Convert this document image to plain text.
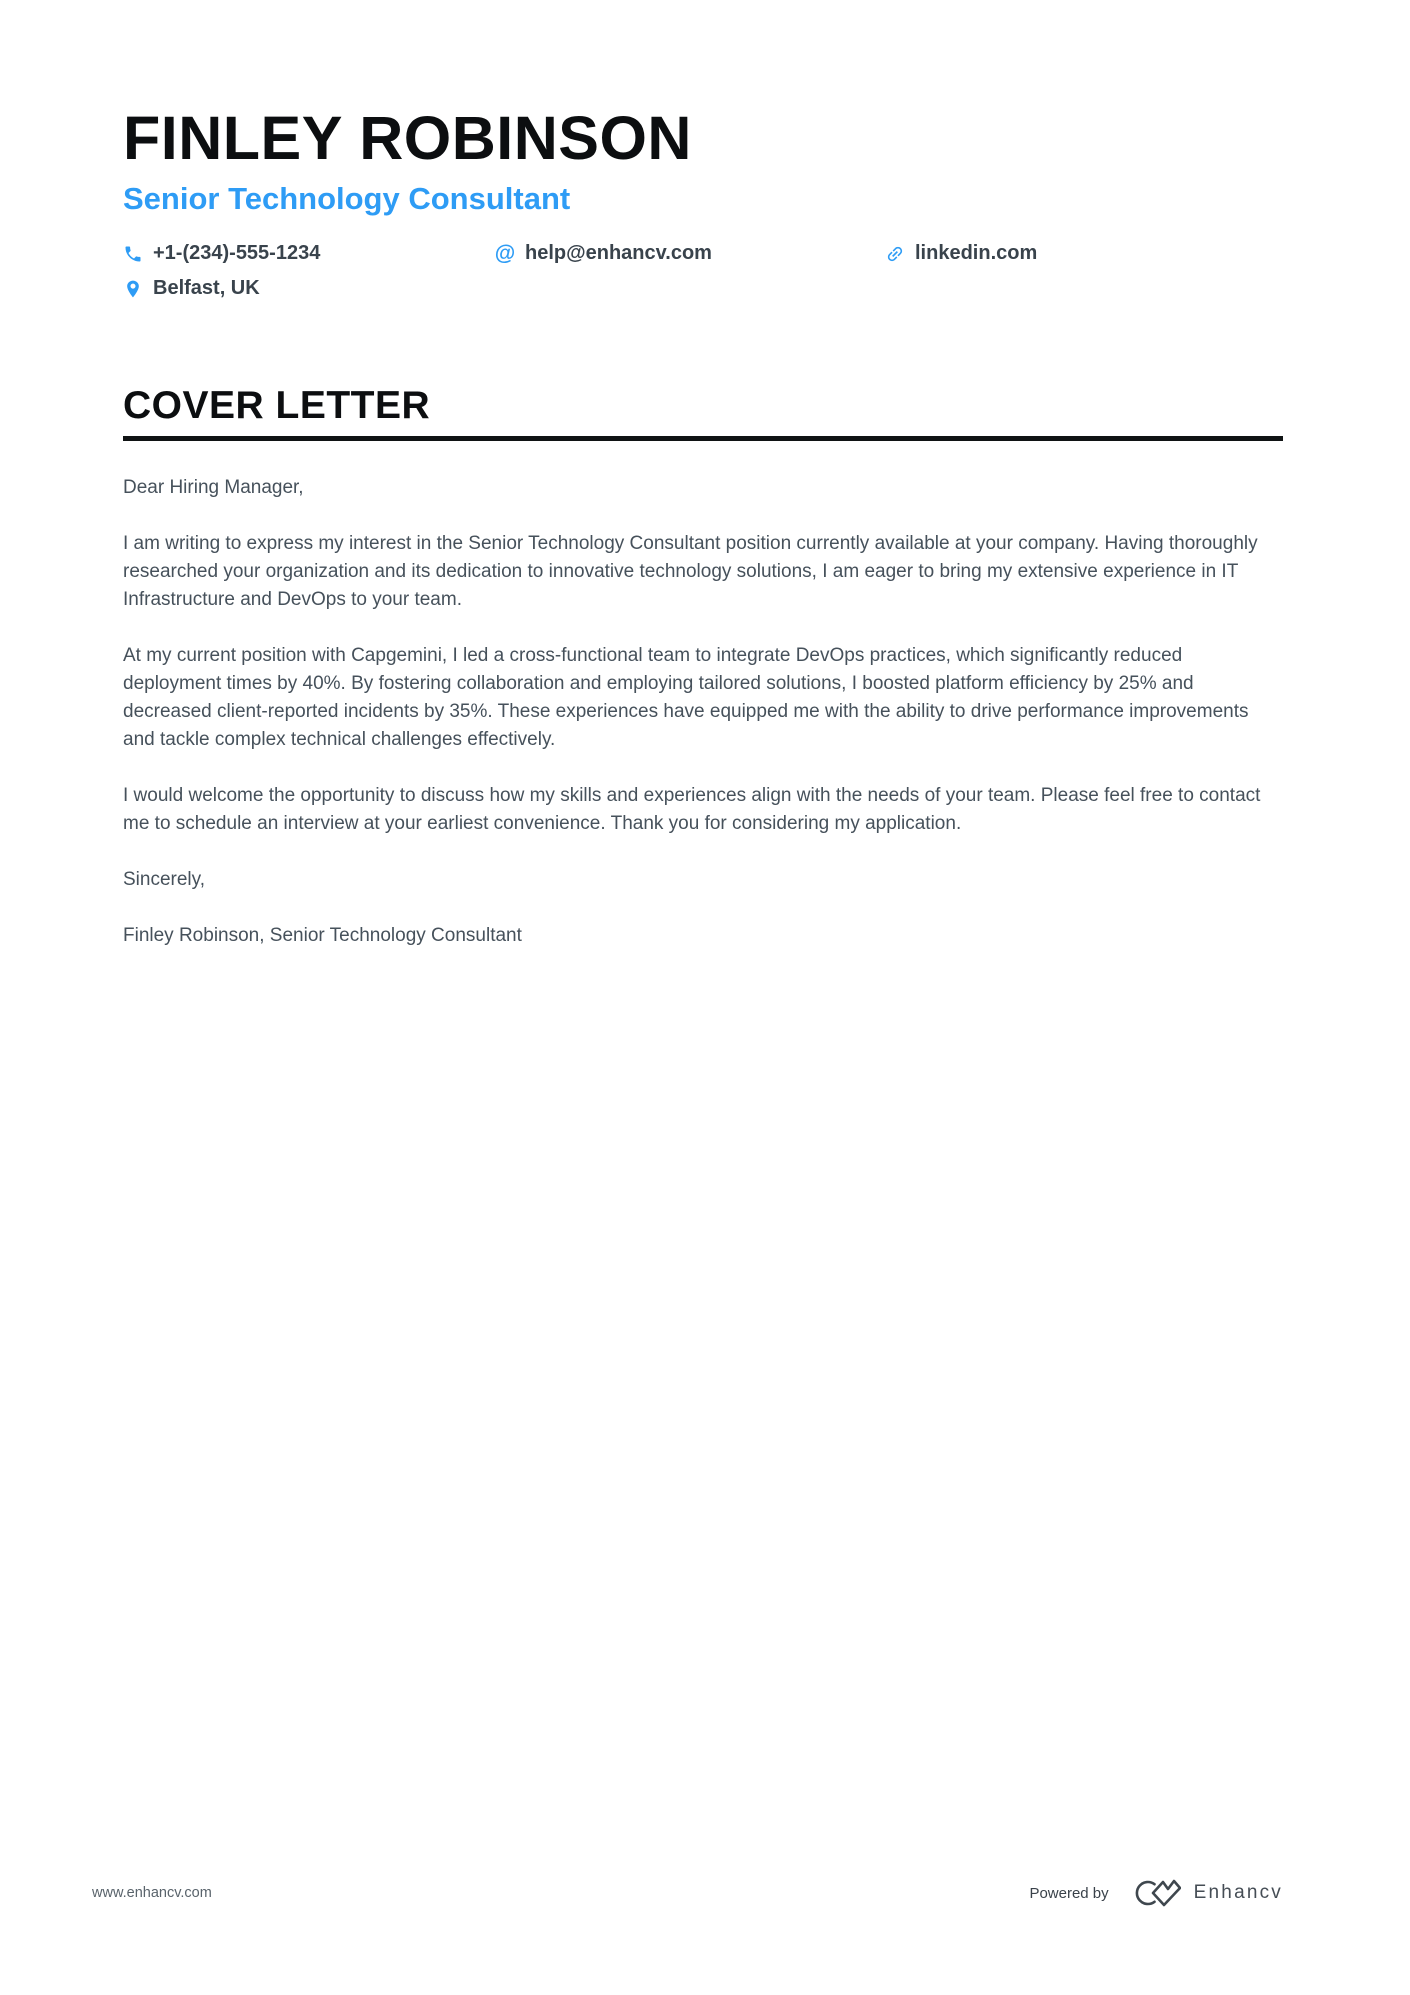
FINLEY ROBINSON
Senior Technology Consultant
+1-(234)-555-1234	@ help@enhancv.com	linkedin.com
Belfast, UK
COVER LETTER

Dear Hiring Manager,

I am writing to express my interest in the Senior Technology Consultant position currently available at your company. Having thoroughly researched your organization and its dedication to innovative technology solutions, I am eager to bring my extensive experience in IT Infrastructure and DevOps to your team.

At my current position with Capgemini, I led a cross-functional team to integrate DevOps practices, which significantly reduced deployment times by 40%. By fostering collaboration and employing tailored solutions, I boosted platform efficiency by 25% and decreased client-reported incidents by 35%. These experiences have equipped me with the ability to drive performance improvements and tackle complex technical challenges effectively.

I would welcome the opportunity to discuss how my skills and experiences align with the needs of your team. Please feel free to contact me to schedule an interview at your earliest convenience. Thank you for considering my application.

Sincerely,

Finley Robinson, Senior Technology Consultant

www.enhancv.com	Powered by	Enhancv
